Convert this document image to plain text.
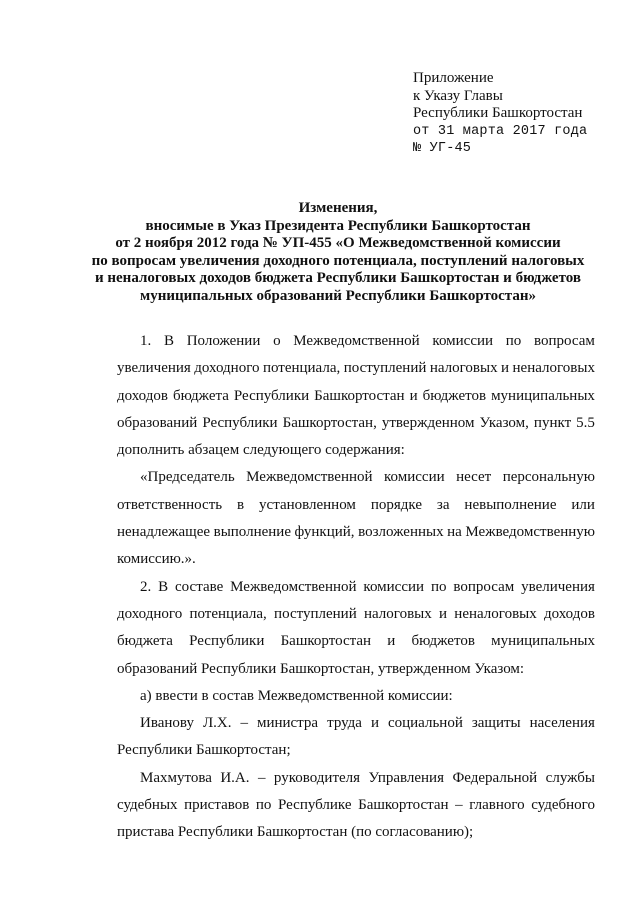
Приложение
к Указу Главы
Республики Башкортостан
от 31 марта 2017 года
№ УГ-45
Изменения,
вносимые в Указ Президента Республики Башкортостан
от 2 ноября 2012 года № УП-455 «О Межведомственной комиссии
по вопросам увеличения доходного потенциала, поступлений налоговых
и неналоговых доходов бюджета Республики Башкортостан и бюджетов
муниципальных образований Республики Башкортостан»
1. В Положении о Межведомственной комиссии по вопросам
увеличения доходного потенциала, поступлений налоговых и неналоговых
доходов бюджета Республики Башкортостан и бюджетов муниципальных
образований Республики Башкортостан, утвержденном Указом, пункт 5.5
дополнить абзацем следующего содержания:
«Председатель Межведомственной комиссии несет персональную
ответственность в установленном порядке за невыполнение или
ненадлежащее выполнение функций, возложенных на Межведомственную
комиссию.».
2. В составе Межведомственной комиссии по вопросам увеличения
доходного потенциала, поступлений налоговых и неналоговых доходов
бюджета Республики Башкортостан и бюджетов муниципальных
образований Республики Башкортостан, утвержденном Указом:
а) ввести в состав Межведомственной комиссии:
Иванову Л.Х. – министра труда и социальной защиты населения
Республики Башкортостан;
Махмутова И.А. – руководителя Управления Федеральной службы
судебных приставов по Республике Башкортостан – главного судебного
пристава Республики Башкортостан (по согласованию);
